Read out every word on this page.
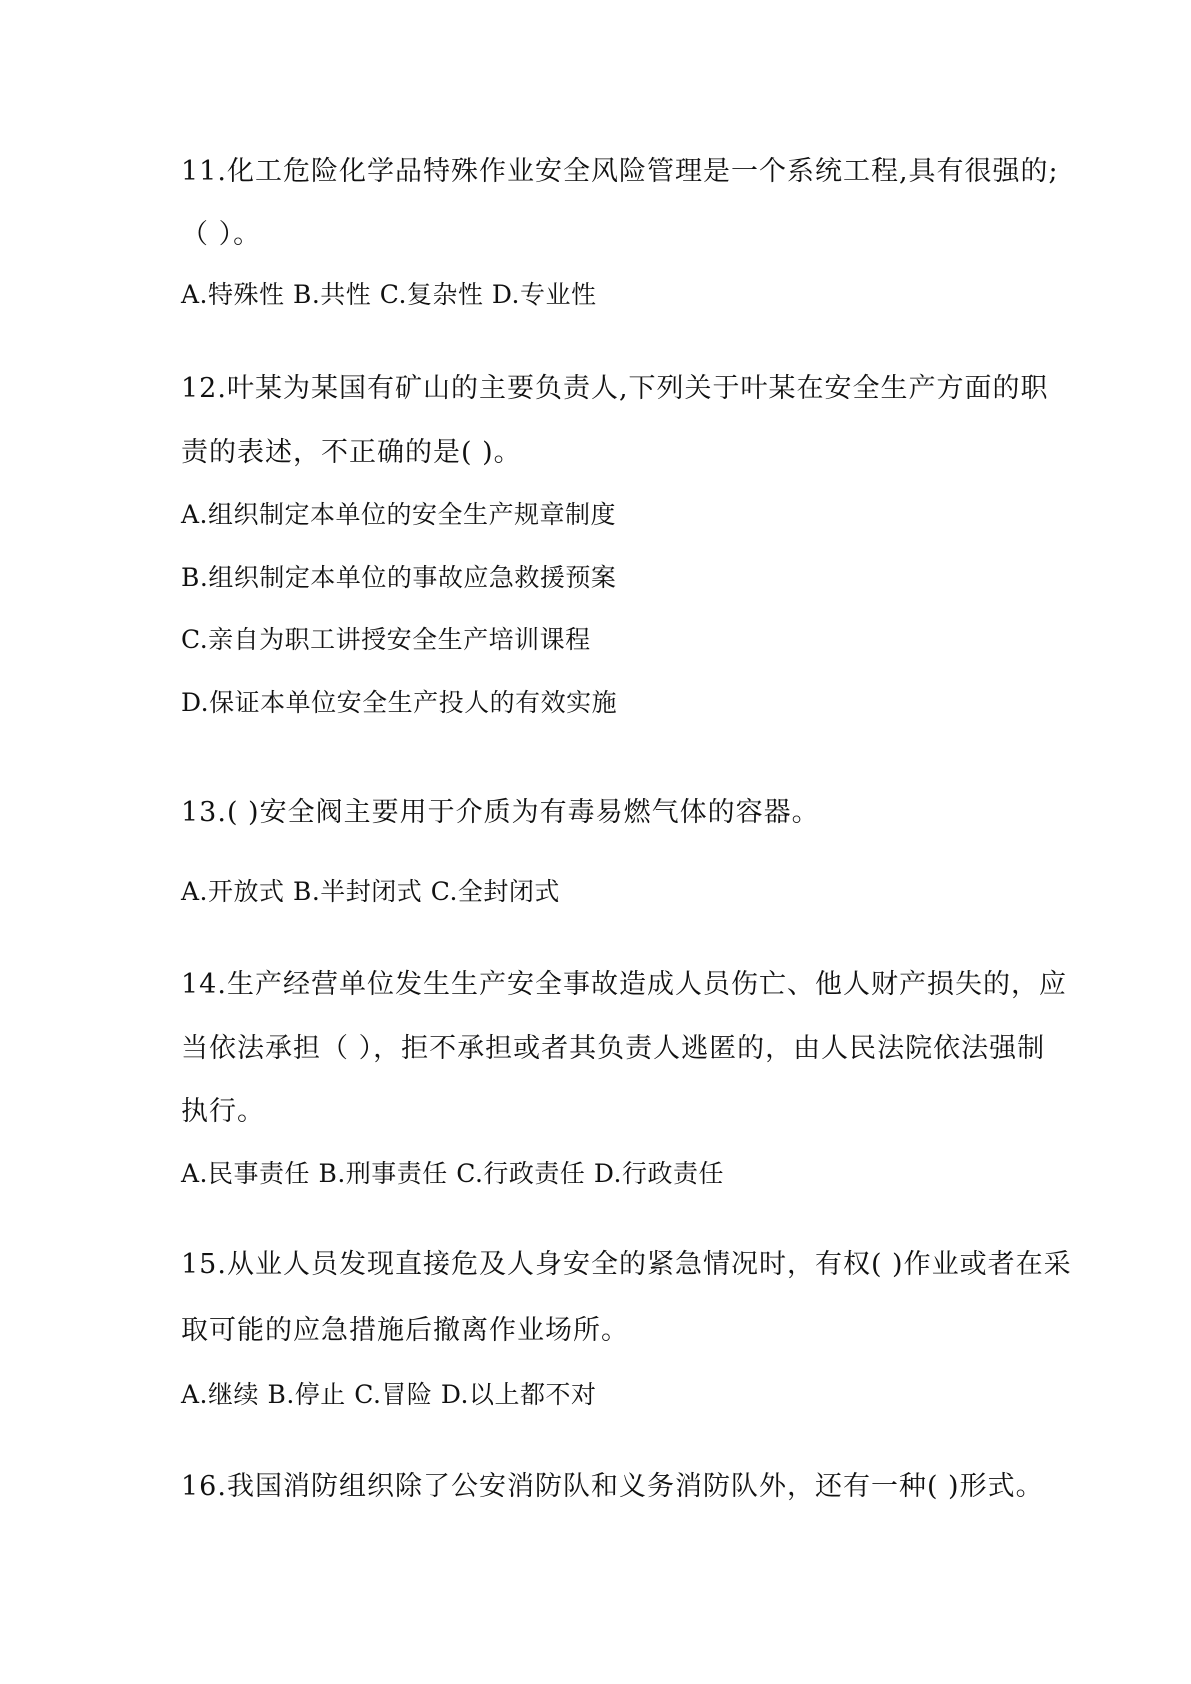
11.化工危险化学品特殊作业安全风险管理是一个系统工程,具有很强的;
（ ）。
A.特殊性 B.共性 C.复杂性 D.专业性
12.叶某为某国有矿山的主要负责人,下列关于叶某在安全生产方面的职
责的表述，不正确的是( )。
A.组织制定本单位的安全生产规章制度
B.组织制定本单位的事故应急救援预案
C.亲自为职工讲授安全生产培训课程
D.保证本单位安全生产投人的有效实施
13.( )安全阀主要用于介质为有毒易燃气体的容器。
A.开放式 B.半封闭式 C.全封闭式
14.生产经营单位发生生产安全事故造成人员伤亡、他人财产损失的，应
当依法承担（ ），拒不承担或者其负责人逃匿的，由人民法院依法强制
执行。
A.民事责任 B.刑事责任 C.行政责任 D.行政责任
15.从业人员发现直接危及人身安全的紧急情况时，有权( )作业或者在采
取可能的应急措施后撤离作业场所。
A.继续 B.停止 C.冒险 D.以上都不对
16.我国消防组织除了公安消防队和义务消防队外，还有一种( )形式。
